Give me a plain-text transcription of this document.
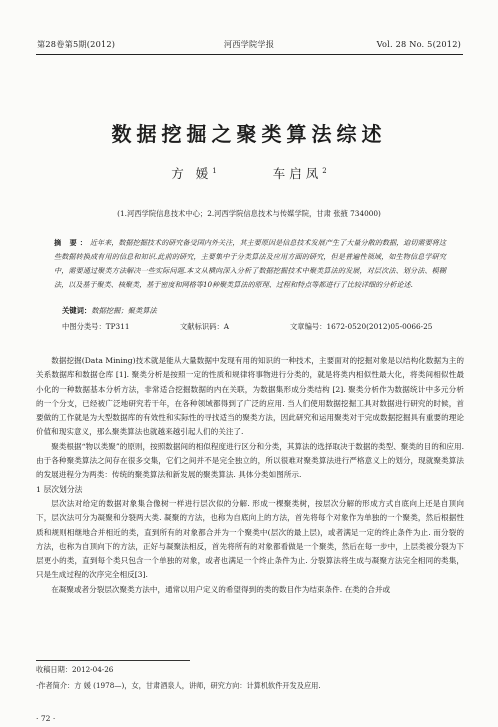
第28卷第5期(2012)	河西学院学报	Vol. 28 No. 5(2012)
数据挖掘之聚类算法综述
方 媛$^1$	车启凤$^2$
(1.河西学院信息技术中心；2.河西学院信息技术与传媒学院，甘肃 张掖 734000)
摘 要：近年来，数据挖掘技术的研究备受国内外关注，其主要原因是信息技术发展产生了大量分散的数据，迫切需要将这些数据转换成有用的信息和知识.此前的研究，主要集中于分类算法及应用方面的研究，但是普遍性领域，如生物信息学研究中，需要通过聚类方法解决一些实际问题.本文从横向深入分析了数据挖掘技术中聚类算法的发展，对层次法、划分法、模糊法，以及基于聚类、核聚类，基于密度和网格等10种聚类算法的原理、过程和特点等都进行了比较详细的分析论述.
关键词：数据挖掘；聚类算法
中图分类号：TP311	文献标识码：A	文章编号：1672-0520(2012)05-0066-25

数据挖掘(Data Mining)技术就是能从大量数据中发现有用的知识的一种技术，主要面对的挖掘对象是以结构化数据为主的关系数据库和数据仓库 [1]. 聚类分析是按照一定的性质和规律将事物进行分类的，就是将类内相似性最大化，将类间相似性最小化的一种数据基本分析方法，非常适合挖掘数据的内在关联，为数据集形成分类结构 [2]. 聚类分析作为数据统计中多元分析的一个分支，已经被广泛地研究若干年，在各种领域都得到了广泛的应用. 当人们使用数据挖掘工具对数据进行研究的时候，首要做的工作就是为大型数据库的有效性和实际性的寻找适当的聚类方法，因此研究和运用聚类对于完成数据挖掘具有重要的理论价值和现实意义，那么聚类算法也就越来越引起人们的关注了.

聚类根据“物以类聚”的原则，按照数据间的相似程度进行区分和分类，其算法的选择取决于数据的类型、聚类的目的和应用. 由于各种聚类算法之间存在很多交集，它们之间并不是完全独立的，所以很难对聚类算法进行严格意义上的划分，现就聚类算法的发展进程分为两类：传统的聚类算法和新发展的聚类算法. 具体分类如图所示.

1 层次划分法

层次法对给定的数据对象集合像树一样进行层次似的分解. 形成一棵聚类树，按层次分解的形成方式自底向上还是自顶向下，层次法可分为凝聚和分裂两大类. 凝聚的方法，也称为自底向上的方法，首先将每个对象作为单独的一个聚类，然后根据性质和规则相继地合并相近的类，直到所有的对象都合并为一个聚类中(层次的最上层)，或者满足一定的终止条件为止. 而分裂的方法，也称为自顶向下的方法，正好与凝聚法相反，首先将所有的对象都看做是一个聚类，然后在每一步中，上层类被分裂为下层更小的类，直到每个类只包含一个单独的对象，或者也满足一个终止条件为止. 分裂算法将生成与凝聚方法完全相同的类集，只是生成过程的次序完全相反[3].

在凝聚或者分裂层次聚类方法中，通常以用户定义的希望得到的类的数目作为结束条件. 在类的合并或

收稿日期：2012-04-26
·作者简介：方 媛 (1978—)，女，甘肃酒泉人，讲师，研究方向：计算机软件开发及应用.
· 72 ·
